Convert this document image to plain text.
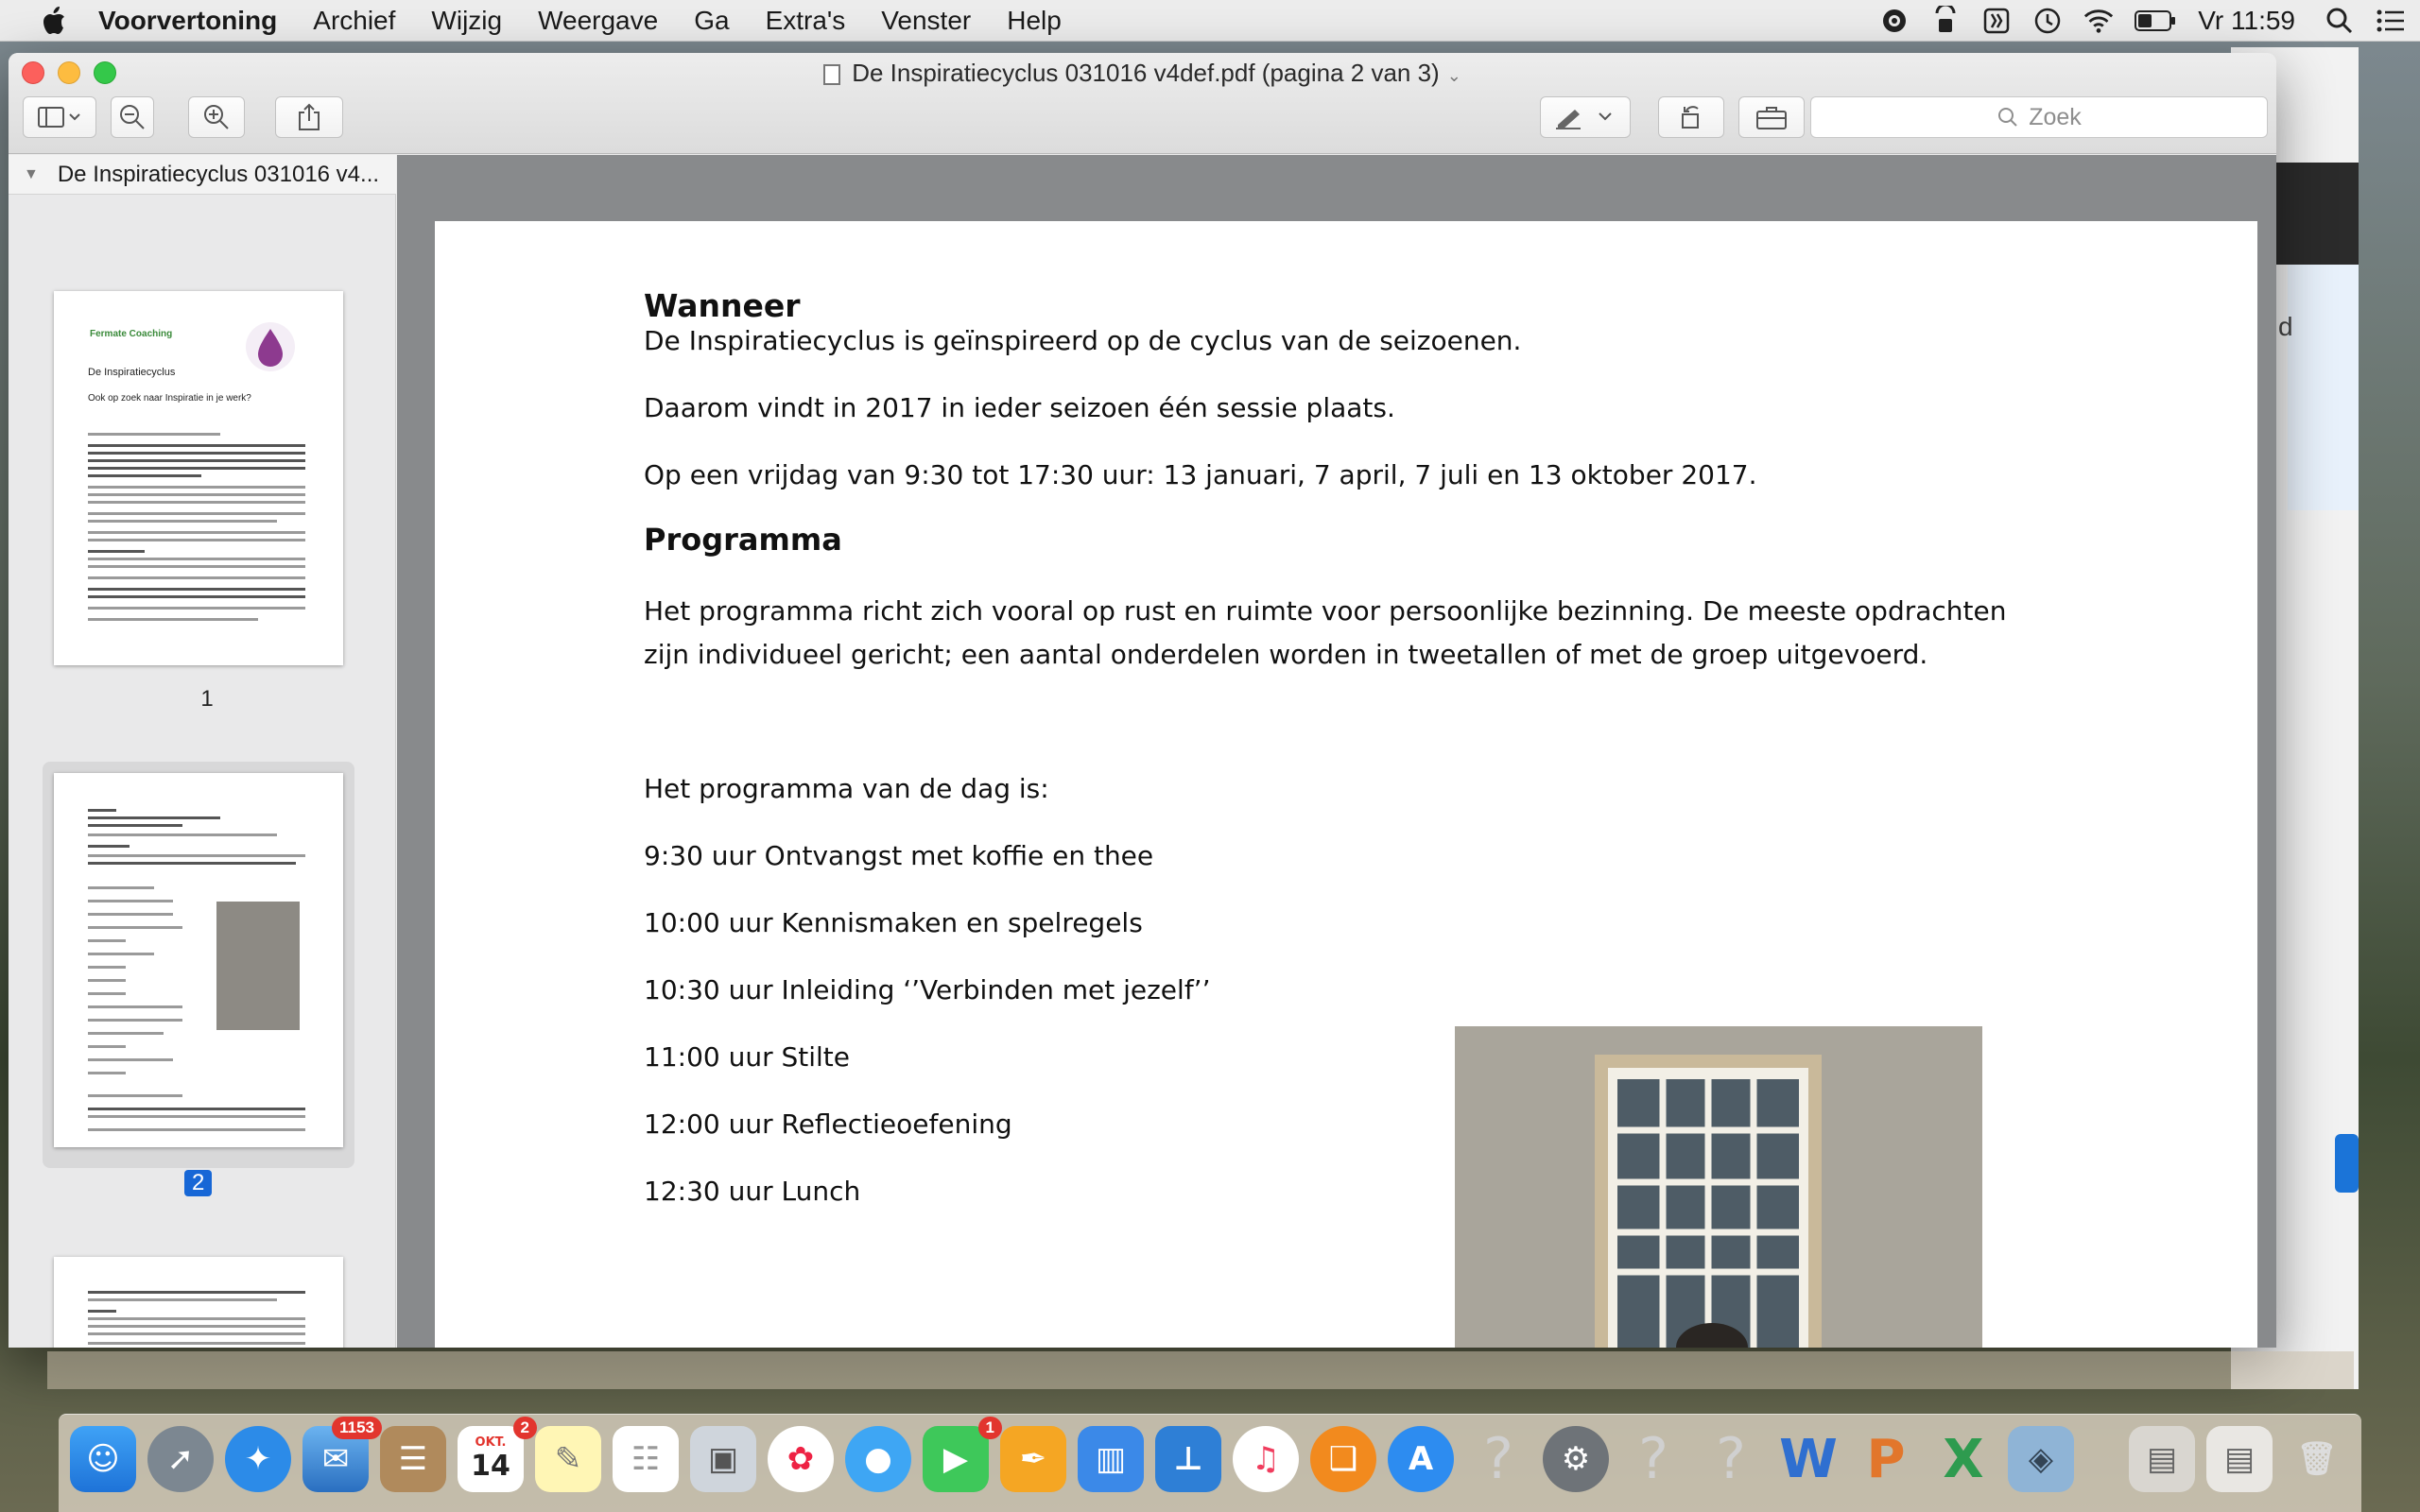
Voorvertoning Archief Wijzig Weergave Ga Extra's Venster Help	Vr 11:59
d
De Inspiratiecyclus 031016 v4def.pdf (pagina 2 van 3) ⌄
Zoek
▼ De Inspiratiecyclus 031016 v4...
Fermate Coaching
De Inspiratiecyclus
Ook op zoek naar Inspiratie in je werk?
1
2
Wanneer
De Inspiratiecyclus is geïnspireerd op de cyclus van de seizoenen.
Daarom vindt in 2017 in ieder seizoen één sessie plaats.
Op een vrijdag van 9:30 tot 17:30 uur: 13 januari, 7 april, 7 juli en 13 oktober 2017.
Programma
Het programma richt zich vooral op rust en ruimte voor persoonlijke bezinning. De meeste opdrachten
zijn individueel gericht; een aantal onderdelen worden in tweetallen of met de groep uitgevoerd.
Het programma van de dag is:
9:30 uur Ontvangst met koffie en thee
10:00 uur Kennismaken en spelregels
10:30 uur Inleiding ‘’Verbinden met jezelf’’
11:00 uur Stilte
12:00 uur Reflectieoefening
12:30 uur Lunch
☺	➚	✦	✉
1153
☰	OKT.
14
2
✎	☷	▣	✿	●	▶
1
✒	▥	⊥	♫	❑	A ?	⚙ ? ? W P X	◈	▤	▤	🗑
